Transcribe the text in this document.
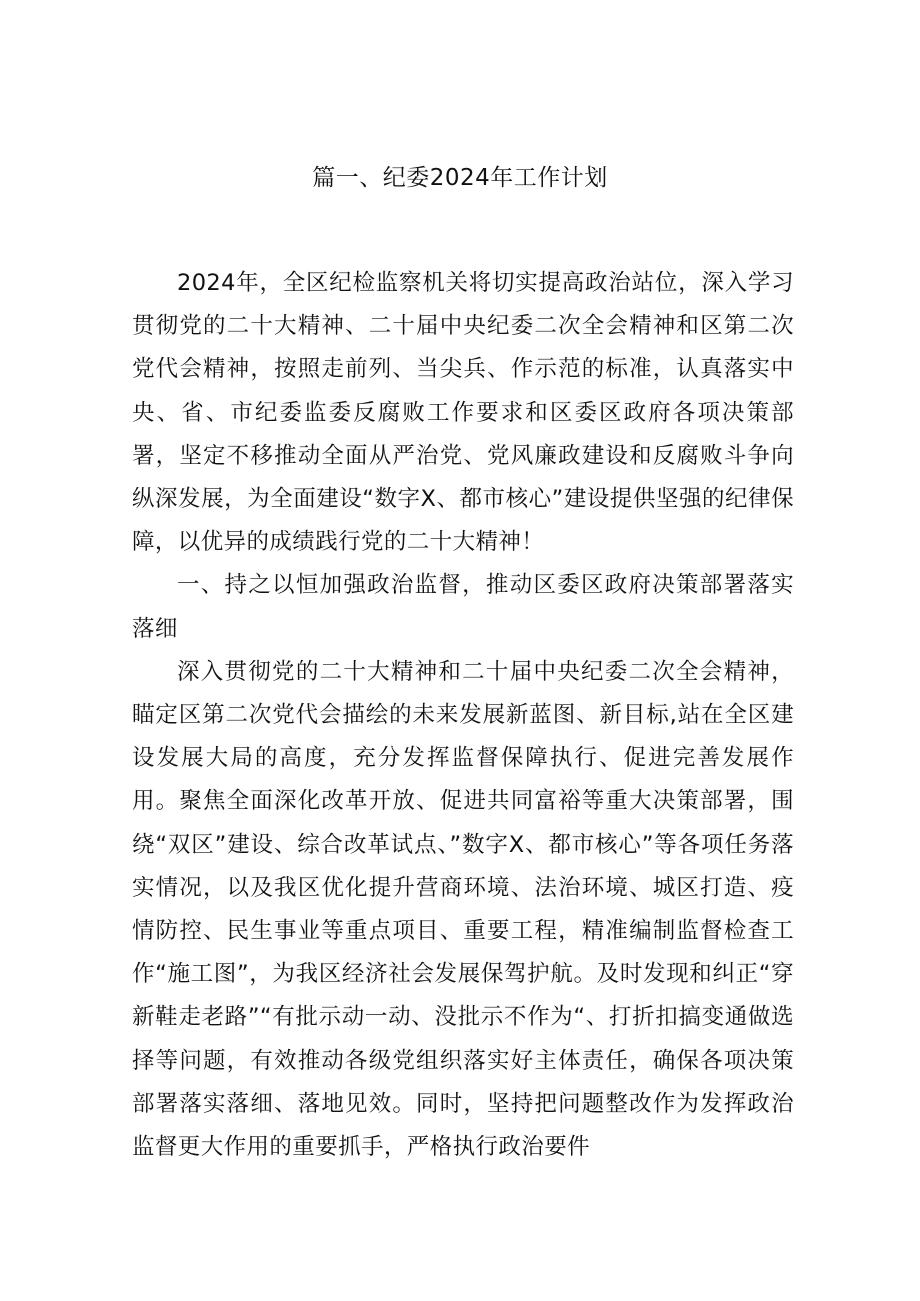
篇一、纪委2024年工作计划

2024年，全区纪检监察机关将切实提高政治站位，深入学习贯彻党的二十大精神、二十届中央纪委二次全会精神和区第二次党代会精神，按照走前列、当尖兵、作示范的标准，认真落实中央、省、市纪委监委反腐败工作要求和区委区政府各项决策部署，坚定不移推动全面从严治党、党风廉政建设和反腐败斗争向纵深发展，为全面建设“数字X、都市核心”建设提供坚强的纪律保障，以优异的成绩践行党的二十大精神！

一、持之以恒加强政治监督，推动区委区政府决策部署落实落细

深入贯彻党的二十大精神和二十届中央纪委二次全会精神，瞄定区第二次党代会描绘的未来发展新蓝图、新目标,站在全区建设发展大局的高度，充分发挥监督保障执行、促进完善发展作用。聚焦全面深化改革开放、促进共同富裕等重大决策部署，围绕“双区”建设、综合改革试点、”数字X、都市核心”等各项任务落实情况，以及我区优化提升营商环境、法治环境、城区打造、疫情防控、民生事业等重点项目、重要工程，精准编制监督检查工作“施工图”，为我区经济社会发展保驾护航。及时发现和纠正“穿新鞋走老路”“有批示动一动、没批示不作为“、打折扣搞变通做选择等问题，有效推动各级党组织落实好主体责任，确保各项决策部署落实落细、落地见效。同时，坚持把问题整改作为发挥政治监督更大作用的重要抓手，严格执行政治要件
